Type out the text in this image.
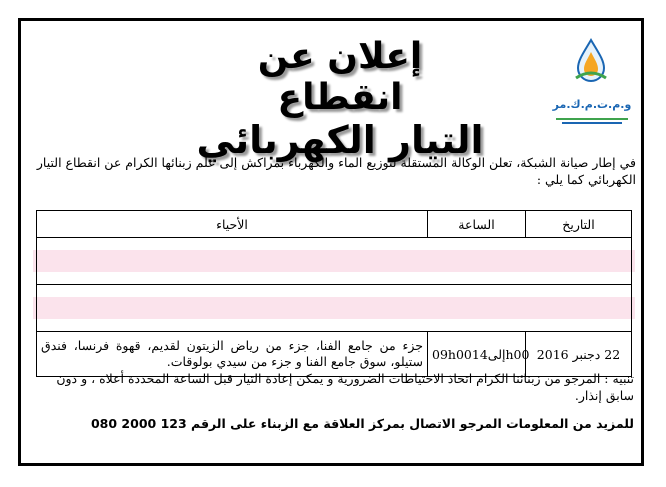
و.م.ت.م.ك.مر
إعلان عن انقطاع
التيار الكهربائي
في إطار صيانة الشبكة، تعلن الوكالة المستقلة لتوزيع الماء والكهرباء بمراكش إلى علم زبنائها الكرام عن انقطاع التيار الكهربائي كما يلي :
التاريخ	الساعة	الأحياء

22 دجنبر 2016	09h00إلى14h00	جزء من جامع الفنا، جزء من رياض الزيتون لقديم، قهوة فرنسا، فندق ستيلو، سوق جامع الفنا و جزء من سيدي بولوقات.
تنبيه : المرجو من زبنائنا الكرام اتخاذ الاحتياطات الضرورية و يمكن إعادة التيار قبل الساعة المحددة أعلاه ، و دون سابق إنذار.
للمزيد من المعلومات المرجو الاتصال بمركز العلاقة مع الزبناء على الرقم 123 2000 080
